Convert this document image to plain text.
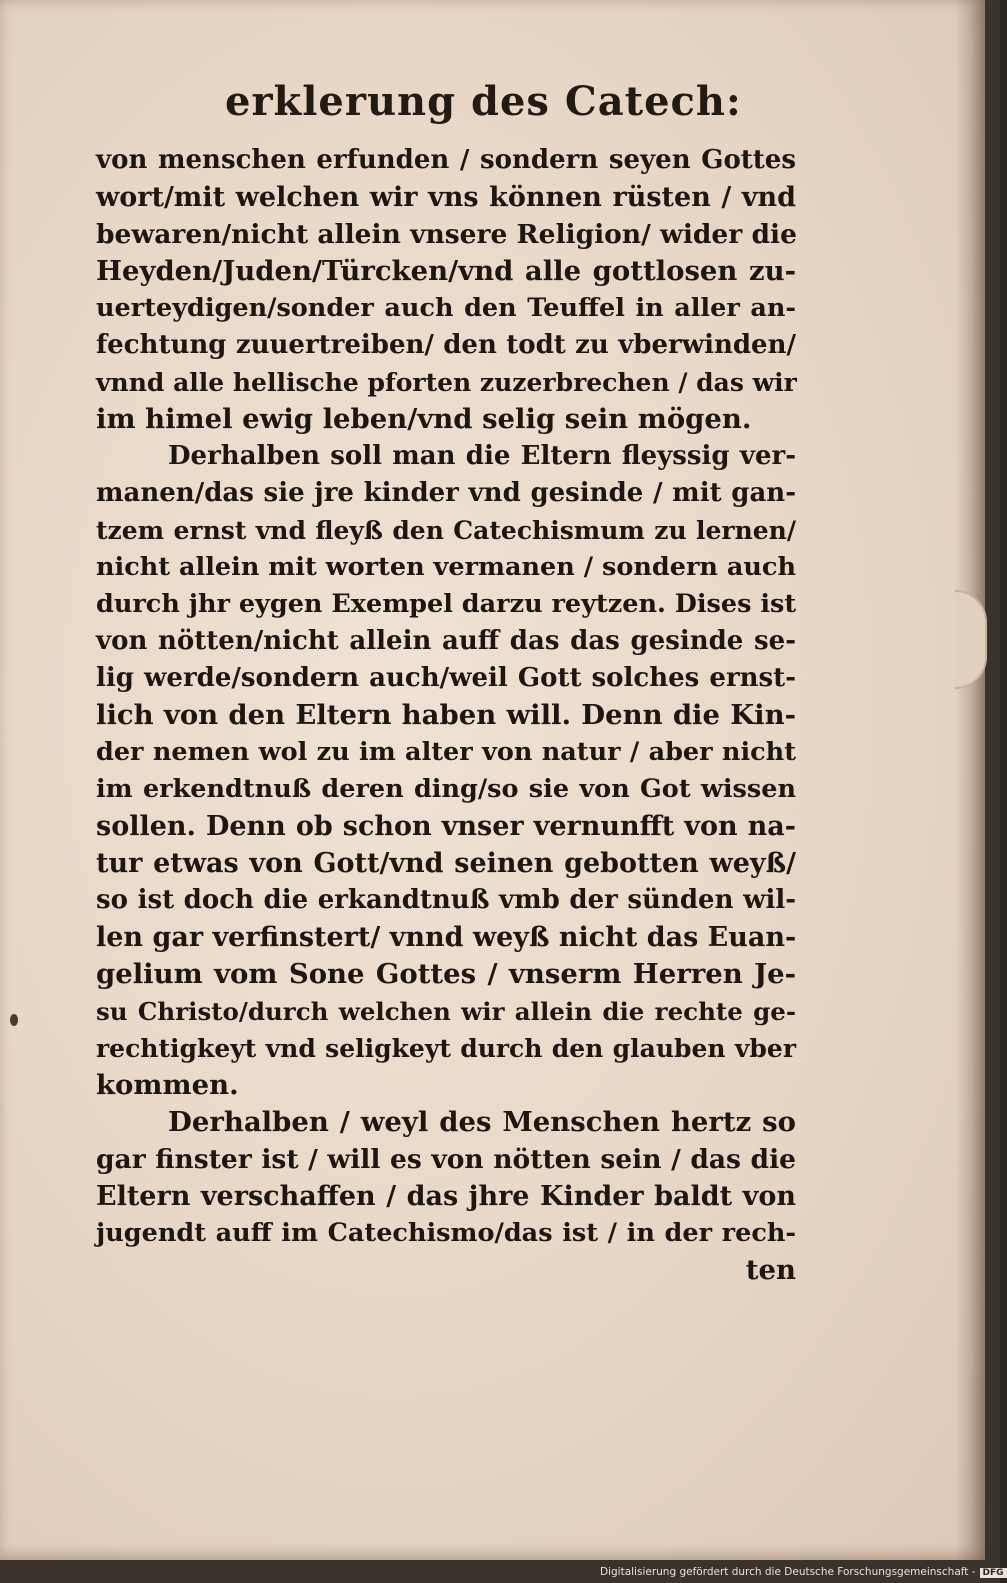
erklerung des Catech:
von menschen erfunden / sondern seyen Gottes
wort/mit welchen wir vns können rüsten / vnd
bewaren/nicht allein vnsere Religion/ wider die
Heyden/Juden/Türcken/vnd alle gottlosen zu-
uerteydigen/sonder auch den Teuffel in aller an-
fechtung zuuertreiben/ den todt zu vberwinden/
vnnd alle hellische pforten zuzerbrechen / das wir
im himel ewig leben/vnd selig sein mögen.
Derhalben soll man die Eltern fleyssig ver-
manen/das sie jre kinder vnd gesinde / mit gan-
tzem ernst vnd fleyß den Catechismum zu lernen/
nicht allein mit worten vermanen / sondern auch
durch jhr eygen Exempel darzu reytzen. Dises ist
von nötten/nicht allein auff das das gesinde se-
lig werde/sondern auch/weil Gott solches ernst-
lich von den Eltern haben will. Denn die Kin-
der nemen wol zu im alter von natur / aber nicht
im erkendtnuß deren ding/so sie von Got wissen
sollen. Denn ob schon vnser vernunfft von na-
tur etwas von Gott/vnd seinen gebotten weyß/
so ist doch die erkandtnuß vmb der sünden wil-
len gar verfinstert/ vnnd weyß nicht das Euan-
gelium vom Sone Gottes / vnserm Herren Je-
su Christo/durch welchen wir allein die rechte ge-
rechtigkeyt vnd seligkeyt durch den glauben vber
kommen.
Derhalben / weyl des Menschen hertz so
gar finster ist / will es von nötten sein / das die
Eltern verschaffen / das jhre Kinder baldt von
jugendt auff im Catechismo/das ist / in der rech-
ten
Digitalisierung gefördert durch die Deutsche Forschungsgemeinschaft - DFG
